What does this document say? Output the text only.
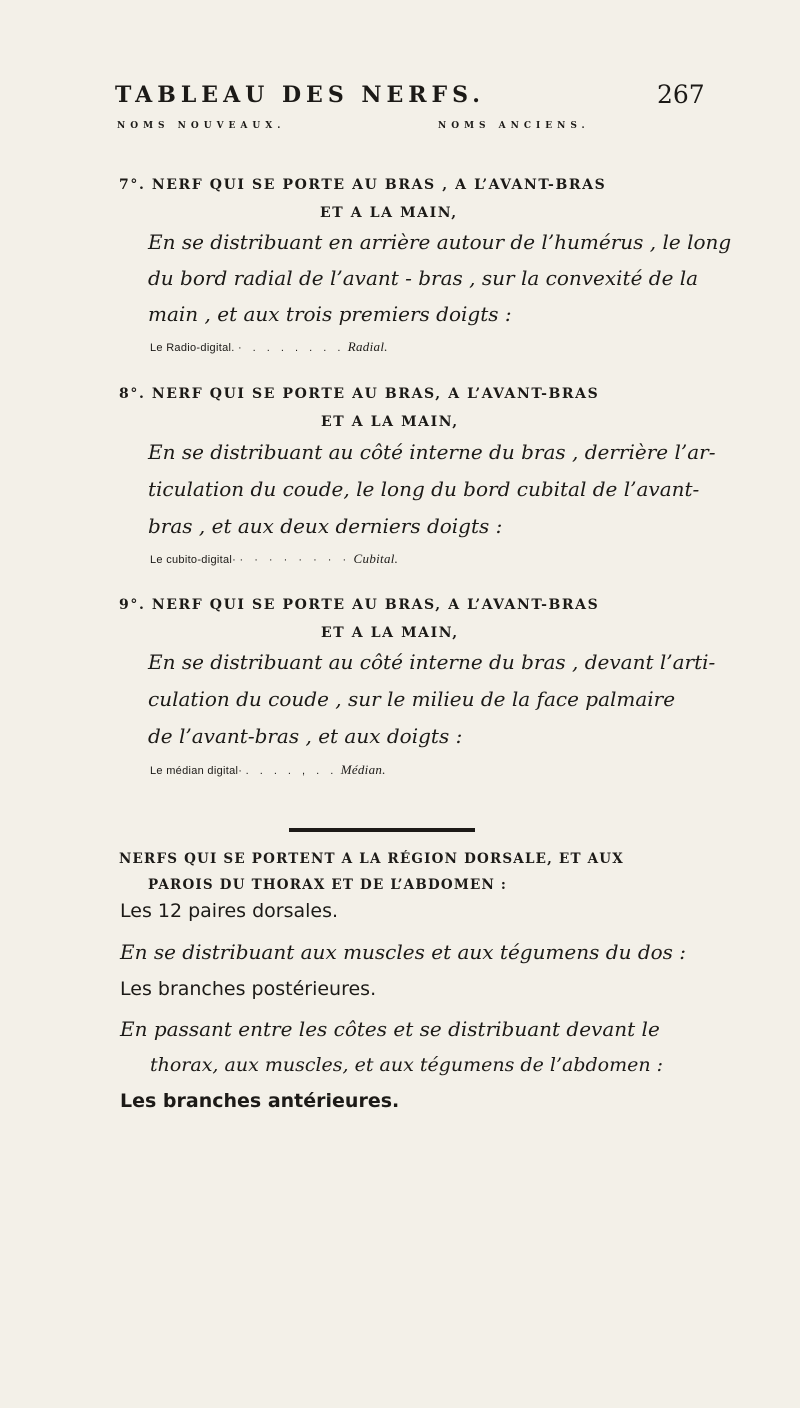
TABLEAU DES NERFS.	267
NOMS NOUVEAUX.	NOMS ANCIENS.
7°. NERF QUI SE PORTE AU BRAS , A L’AVANT-BRAS
ET A LA MAIN,
En se distribuant en arrière autour de l’humérus , le long
du bord radial de l’avant - bras , sur la convexité de la
main , et aux trois premiers doigts :
Le Radio-digital. · . . . . . . . Radial.
8°. NERF QUI SE PORTE AU BRAS, A L’AVANT-BRAS
ET A LA MAIN,
En se distribuant au côté interne du bras , derrière l’ar-
ticulation du coude, le long du bord cubital de l’avant-
bras , et aux deux derniers doigts :
Le cubito-digital· · · · · · · · · Cubital.
9°. NERF QUI SE PORTE AU BRAS, A L’AVANT-BRAS
ET A LA MAIN,
En se distribuant au côté interne du bras , devant l’arti-
culation du coude , sur le milieu de la face palmaire
de l’avant-bras , et aux doigts :
Le médian digital· . . . . , . . Médian.
NERFS QUI SE PORTENT A LA RÉGION DORSALE, ET AUX
PAROIS DU THORAX ET DE L’ABDOMEN :
Les 12 paires dorsales.
En se distribuant aux muscles et aux tégumens du dos :
Les branches postérieures.
En passant entre les côtes et se distribuant devant le
thorax, aux muscles, et aux tégumens de l’abdomen :
Les branches antérieures.
